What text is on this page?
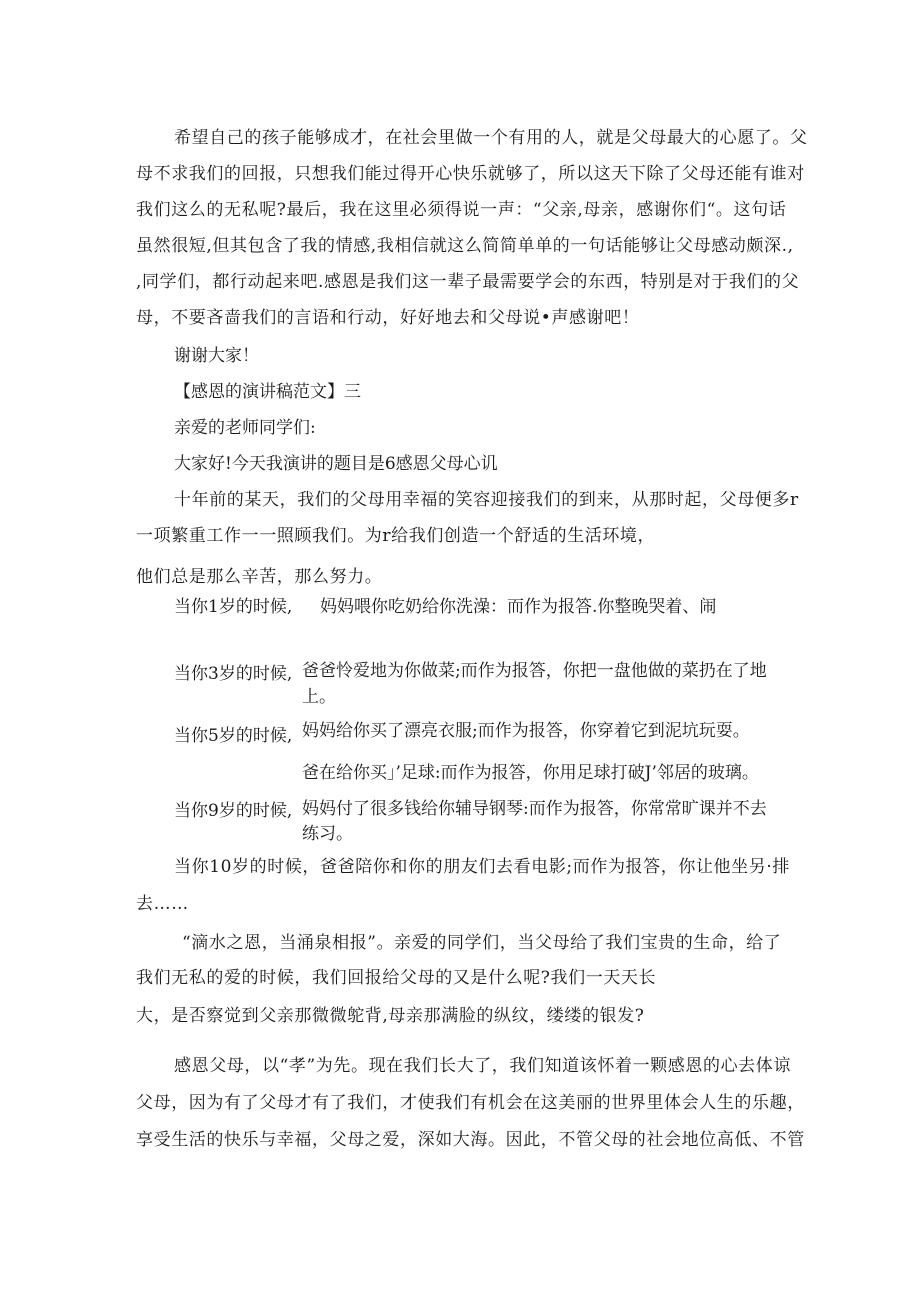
希望自己的孩子能够成才，在社会里做一个有用的人，就是父母最大的心愿了。父
母不求我们的回报，只想我们能过得开心快乐就够了，所以这天下除了父母还能有谁对
我们这么的无私呢?最后，我在这里必须得说一声：“父亲,母亲，感谢你们“。这句话
虽然很短,但其包含了我的情感,我相信就这么简简单单的一句话能够让父母感动颇深.,
,同学们，都行动起来吧.感恩是我们这一辈子最需要学会的东西，特别是对于我们的父
母，不要吝啬我们的言语和行动，好好地去和父母说•声感谢吧！
谢谢大家！
【感恩的演讲稿范文】三
亲爱的老师同学们:
大家好!今天我演讲的题目是6感恩父母心讥
十年前的某天，我们的父母用幸福的笑容迎接我们的到来，从那时起，父母便多r
一项繁重工作一一照顾我们。为r给我们创造一个舒适的生活环境，
他们总是那么辛苦，那么努力。
当你1岁的时候, 妈妈喂你吃奶给你洗澡：而作为报答.你整晚哭着、闹
当你3岁的时候, 爸爸怜爱地为你做菜;而作为报答，你把一盘他做的菜扔在了地
上。
当你5岁的时候, 妈妈给你买了漂亮衣服;而作为报答，你穿着它到泥坑玩耍。
爸在给你买」’足球:而作为报答，你用足球打破J’邻居的玻璃。
当你9岁的时候, 妈妈付了很多钱给你辅导钢琴:而作为报答，你常常旷课并不去
练习。
当你10岁的时候，爸爸陪你和你的朋友们去看电影;而作为报答，你让他坐另·排
去……
“滴水之恩，当涌泉相报”。亲爱的同学们，当父母给了我们宝贵的生命，给了
我们无私的爱的时候，我们回报给父母的又是什么呢?我们一天天长
大，是否察觉到父亲那微微鸵背,母亲那满脸的纵纹，缕缕的银发?
感恩父母，以“孝”为先。现在我们长大了，我们知道该怀着一颗感恩的心去体谅
父母，因为有了父母才有了我们，才使我们有机会在这美丽的世界里体会人生的乐趣，
享受生活的快乐与幸福，父母之爱，深如大海。因此，不管父母的社会地位高低、不管
